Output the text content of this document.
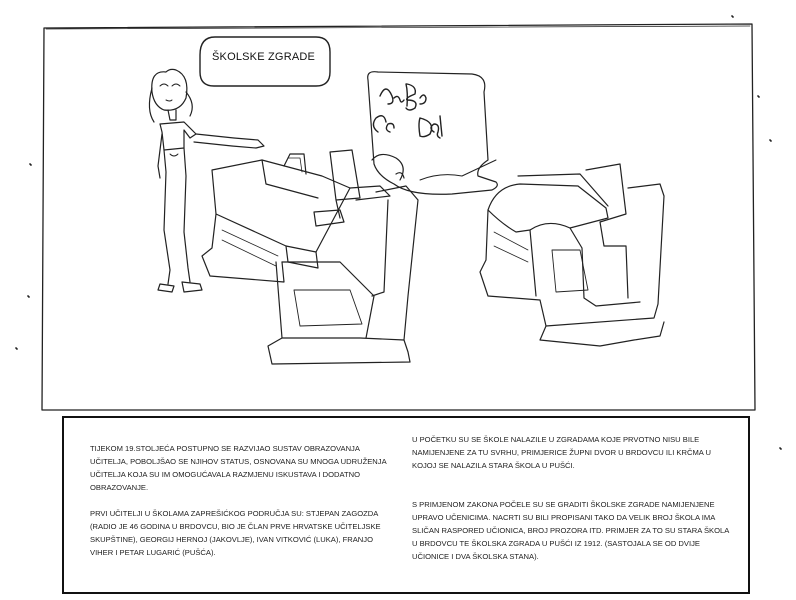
ŠKOLSKE ZGRADE

TIJEKOM 19.STOLJEĆA POSTUPNO SE RAZVIJAO SUSTAV OBRAZOVANJA UČITELJA, POBOLJŠAO SE NJIHOV STATUS, OSNOVANA SU MNOGA UDRUŽENJA UČITELJA KOJA SU IM OMOGUĆAVALA RAZMJENU ISKUSTAVA I DODATNO OBRAZOVANJE.

PRVI UČITELJI U ŠKOLAMA ZAPREŠIĆKOG PODRUČJA SU: STJEPAN ZAGOZDA (RADIO JE 46 GODINA U BRDOVCU, BIO JE ČLAN PRVE HRVATSKE UČITELJSKE SKUPŠTINE), GEORGIJ HERNOJ (JAKOVLJE), IVAN VITKOVIĆ (LUKA), FRANJO VIHER I PETAR LUGARIĆ (PUŠĆA).

U POČETKU SU SE ŠKOLE NALAZILE U ZGRADAMA KOJE PRVOTNO NISU BILE NAMIJENJENE ZA TU SVRHU, PRIMJERICE ŽUPNI DVOR U BRDOVCU ILI KRČMA U KOJOJ SE NALAZILA STARA ŠKOLA U PUŠĆI.

S PRIMJENOM ZAKONA POČELE SU SE GRADITI ŠKOLSKE ZGRADE NAMIJENJENE UPRAVO UČENICIMA. NACRTI SU BILI PROPISANI TAKO DA VELIK BROJ ŠKOLA IMA SLIČAN RASPORED UČIONICA, BROJ PROZORA ITD. PRIMJER ZA TO SU STARA ŠKOLA U BRDOVCU TE ŠKOLSKA ZGRADA U PUŠĆI IZ 1912. (SASTOJALA SE OD DVIJE UČIONICE I DVA ŠKOLSKA STANA).
